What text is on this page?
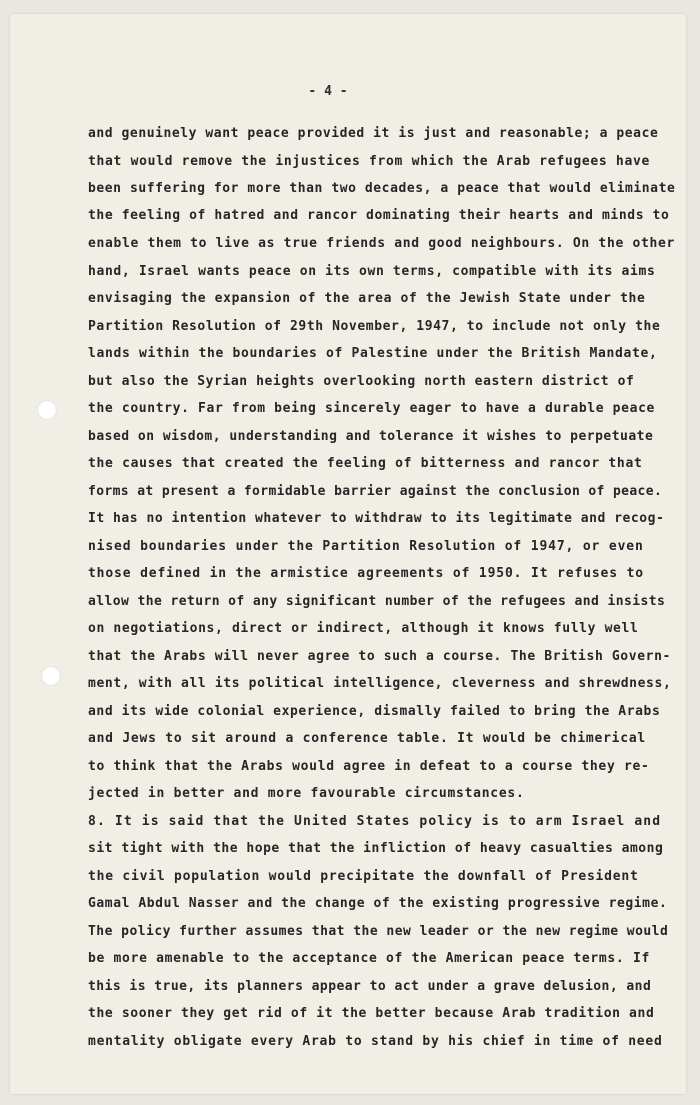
- 4 -
and genuinely want peace provided it is just and reasonable; a peace
that would remove the injustices from which the Arab refugees have
been suffering for more than two decades, a peace that would eliminate
the feeling of hatred and rancor dominating their hearts and minds to
enable them to live as true friends and good neighbours. On the other
hand, Israel wants peace on its own terms, compatible with its aims
envisaging the expansion of the area of the Jewish State under the
Partition Resolution of 29th November, 1947, to include not only the
lands within the boundaries of Palestine under the British Mandate,
but also the Syrian heights overlooking north eastern district of
the country. Far from being sincerely eager to have a durable peace
based on wisdom, understanding and tolerance it wishes to perpetuate
the causes that created the feeling of bitterness and rancor that
forms at present a formidable barrier against the conclusion of peace.
It has no intention whatever to withdraw to its legitimate and recog-
nised boundaries under the Partition Resolution of 1947, or even
those defined in the armistice agreements of 1950. It refuses to
allow the return of any significant number of the refugees and insists
on negotiations, direct or indirect, although it knows fully well
that the Arabs will never agree to such a course. The British Govern-
ment, with all its political intelligence, cleverness and shrewdness,
and its wide colonial experience, dismally failed to bring the Arabs
and Jews to sit around a conference table. It would be chimerical
to think that the Arabs would agree in defeat to a course they re-
jected in better and more favourable circumstances.
8. It is said that the United States policy is to arm Israel and
sit tight with the hope that the infliction of heavy casualties among
the civil population would precipitate the downfall of President
Gamal Abdul Nasser and the change of the existing progressive regime.
The policy further assumes that the new leader or the new regime would
be more amenable to the acceptance of the American peace terms. If
this is true, its planners appear to act under a grave delusion, and
the sooner they get rid of it the better because Arab tradition and
mentality obligate every Arab to stand by his chief in time of need
